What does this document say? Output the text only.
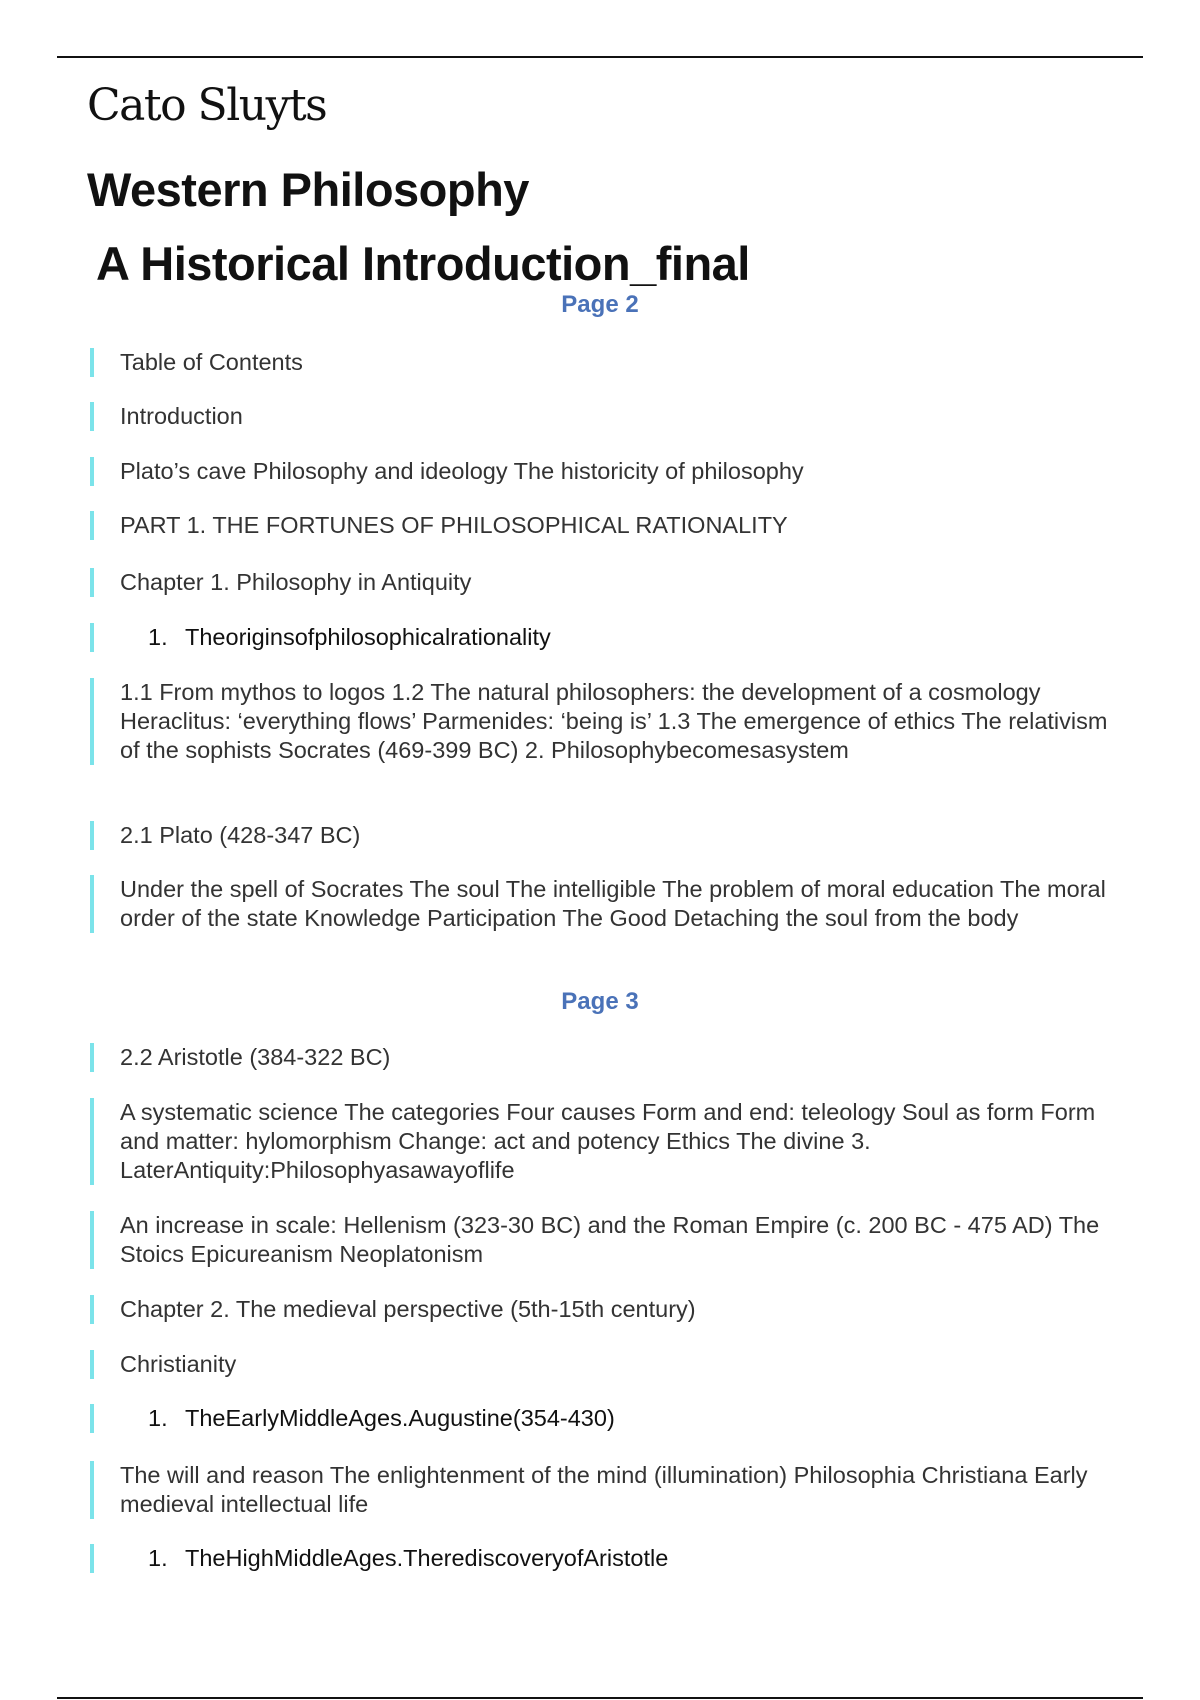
Cato Sluyts
Western Philosophy
A Historical Introduction_final
Page 2
Table of Contents
Introduction
Plato’s cave Philosophy and ideology The historicity of philosophy
PART 1. THE FORTUNES OF PHILOSOPHICAL RATIONALITY
Chapter 1. Philosophy in Antiquity
1. Theoriginsofphilosophicalrationality
1.1 From mythos to logos 1.2 The natural philosophers: the development of a cosmology Heraclitus: ‘everything flows’ Parmenides: ‘being is’ 1.3 The emergence of ethics The relativism of the sophists Socrates (469-399 BC) 2. Philosophybecomesasystem
2.1 Plato (428-347 BC)
Under the spell of Socrates The soul The intelligible The problem of moral education The moral order of the state Knowledge Participation The Good Detaching the soul from the body
Page 3
2.2 Aristotle (384-322 BC)
A systematic science The categories Four causes Form and end: teleology Soul as form Form and matter: hylomorphism Change: act and potency Ethics The divine 3. LaterAntiquity:Philosophyasawayoflife
An increase in scale: Hellenism (323-30 BC) and the Roman Empire (c. 200 BC - 475 AD) The Stoics Epicureanism Neoplatonism
Chapter 2. The medieval perspective (5th-15th century)
Christianity
1. TheEarlyMiddleAges.Augustine(354-430)
The will and reason The enlightenment of the mind (illumination) Philosophia Christiana Early medieval intellectual life
1. TheHighMiddleAges.TherediscoveryofAristotle
